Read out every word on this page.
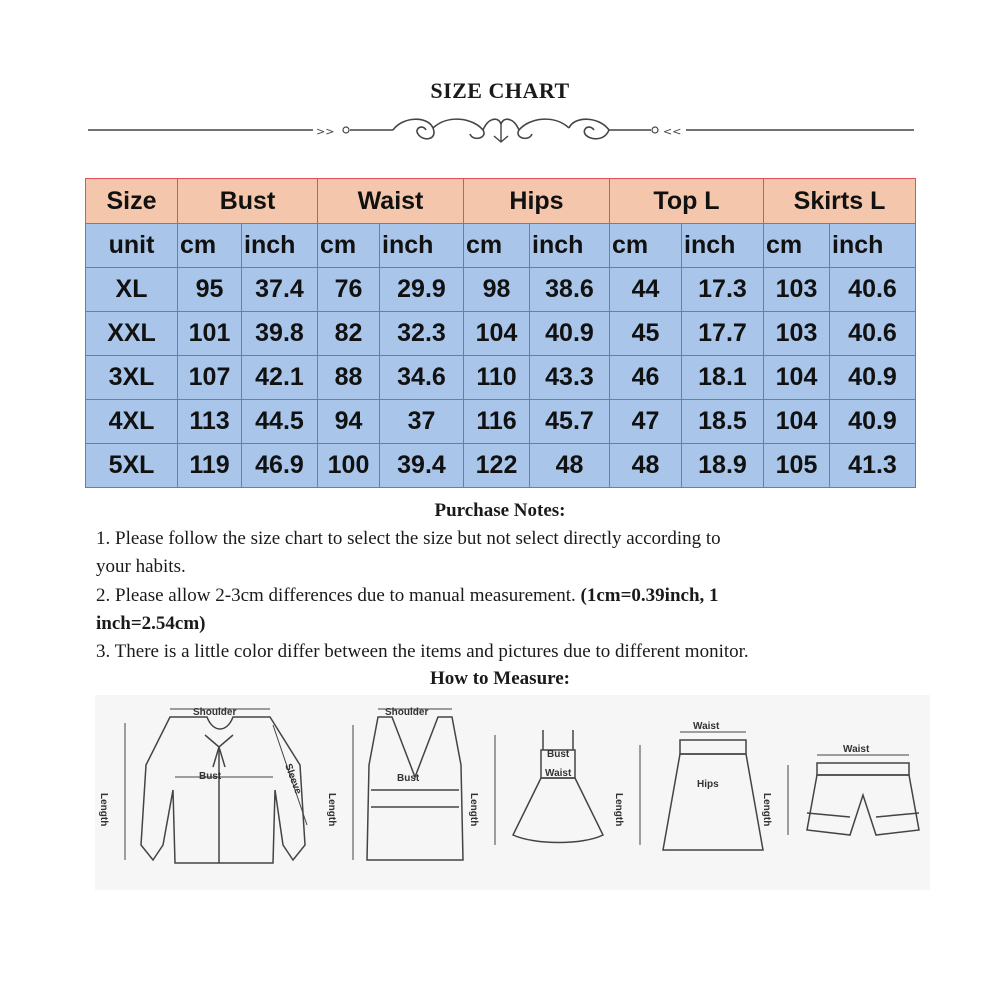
SIZE CHART
>>	<<
Size	Bust		Waist		Hips		Top L		Skirts L	
unit	cm	inch	cm	inch	cm	inch	cm	inch	cm	inch
XL	95	37.4	76	29.9	98	38.6	44	17.3	103	40.6
XXL	101	39.8	82	32.3	104	40.9	45	17.7	103	40.6
3XL	107	42.1	88	34.6	110	43.3	46	18.1	104	40.9
4XL	113	44.5	94	37	116	45.7	47	18.5	104	40.9
5XL	119	46.9	100	39.4	122	48	48	18.9	105	41.3
Purchase Notes:
1. Please follow the size chart to select the size but not select directly according to
your habits.
2. Please allow 2-3cm differences due to manual measurement. (1cm=0.39inch, 1
inch=2.54cm)
3. There is a little color differ between the items and pictures due to different monitor.
How to Measure:
Shoulder
Bust
Length
Sleeve
Shoulder
Bust
Length
Bust
Waist
Length
Waist
Hips
Length
Waist
Length
